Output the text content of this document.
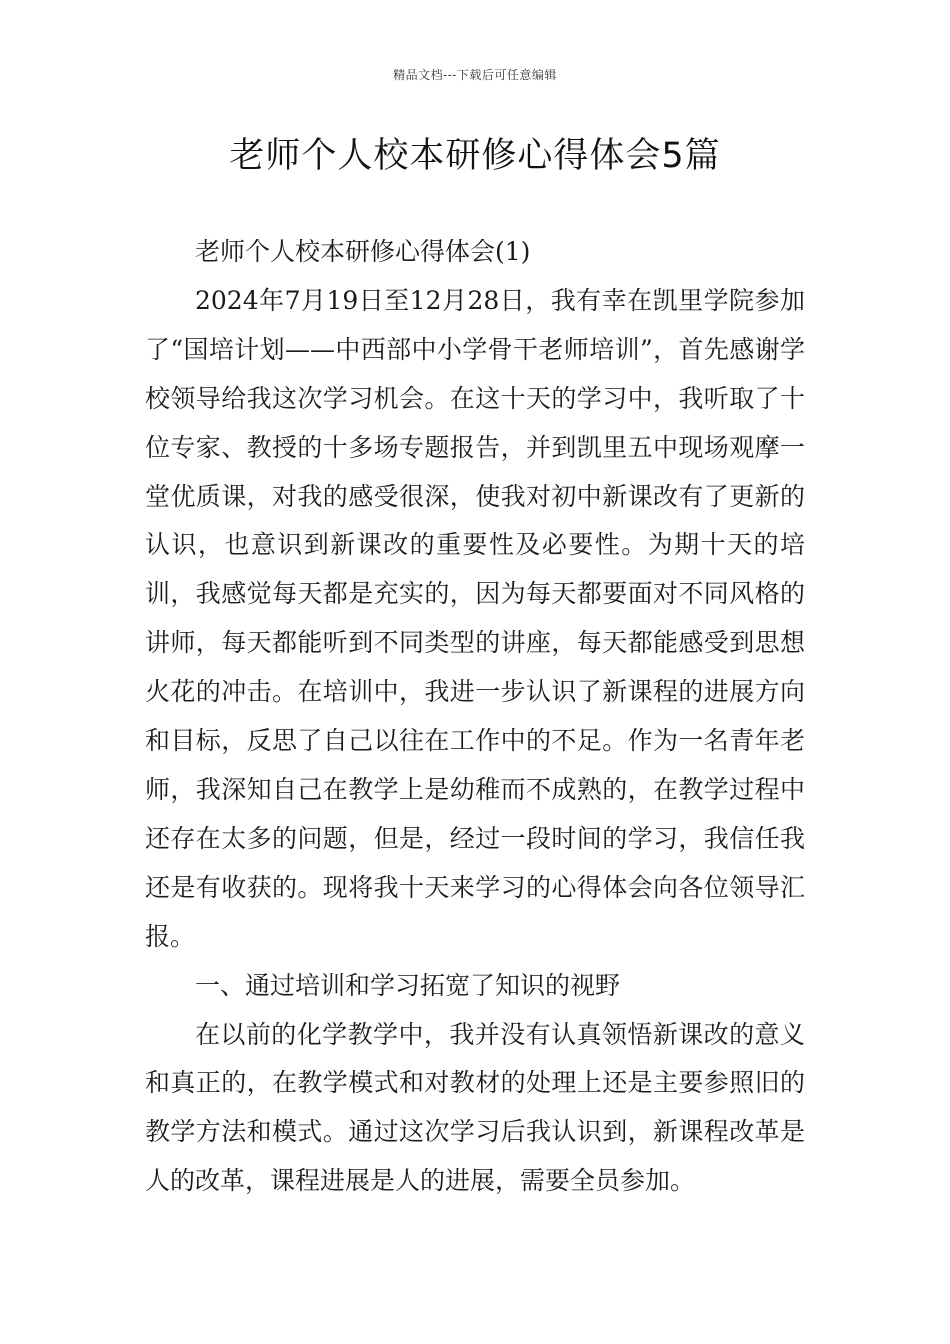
精品文档---下载后可任意编辑
老师个人校本研修心得体会5篇

老师个人校本研修心得体会(1)

2024年7月19日至12月28日，我有幸在凯里学院参加了“国培计划——中西部中小学骨干老师培训”，首先感谢学校领导给我这次学习机会。在这十天的学习中，我听取了十位专家、教授的十多场专题报告，并到凯里五中现场观摩一堂优质课，对我的感受很深，使我对初中新课改有了更新的认识，也意识到新课改的重要性及必要性。为期十天的培训，我感觉每天都是充实的，因为每天都要面对不同风格的讲师，每天都能听到不同类型的讲座，每天都能感受到思想火花的冲击。在培训中，我进一步认识了新课程的进展方向和目标，反思了自己以往在工作中的不足。作为一名青年老师，我深知自己在教学上是幼稚而不成熟的，在教学过程中还存在太多的问题，但是，经过一段时间的学习，我信任我还是有收获的。现将我十天来学习的心得体会向各位领导汇报。

一、通过培训和学习拓宽了知识的视野

在以前的化学教学中，我并没有认真领悟新课改的意义和真正的，在教学模式和对教材的处理上还是主要参照旧的教学方法和模式。通过这次学习后我认识到，新课程改革是人的改革，课程进展是人的进展，需要全员参加。
